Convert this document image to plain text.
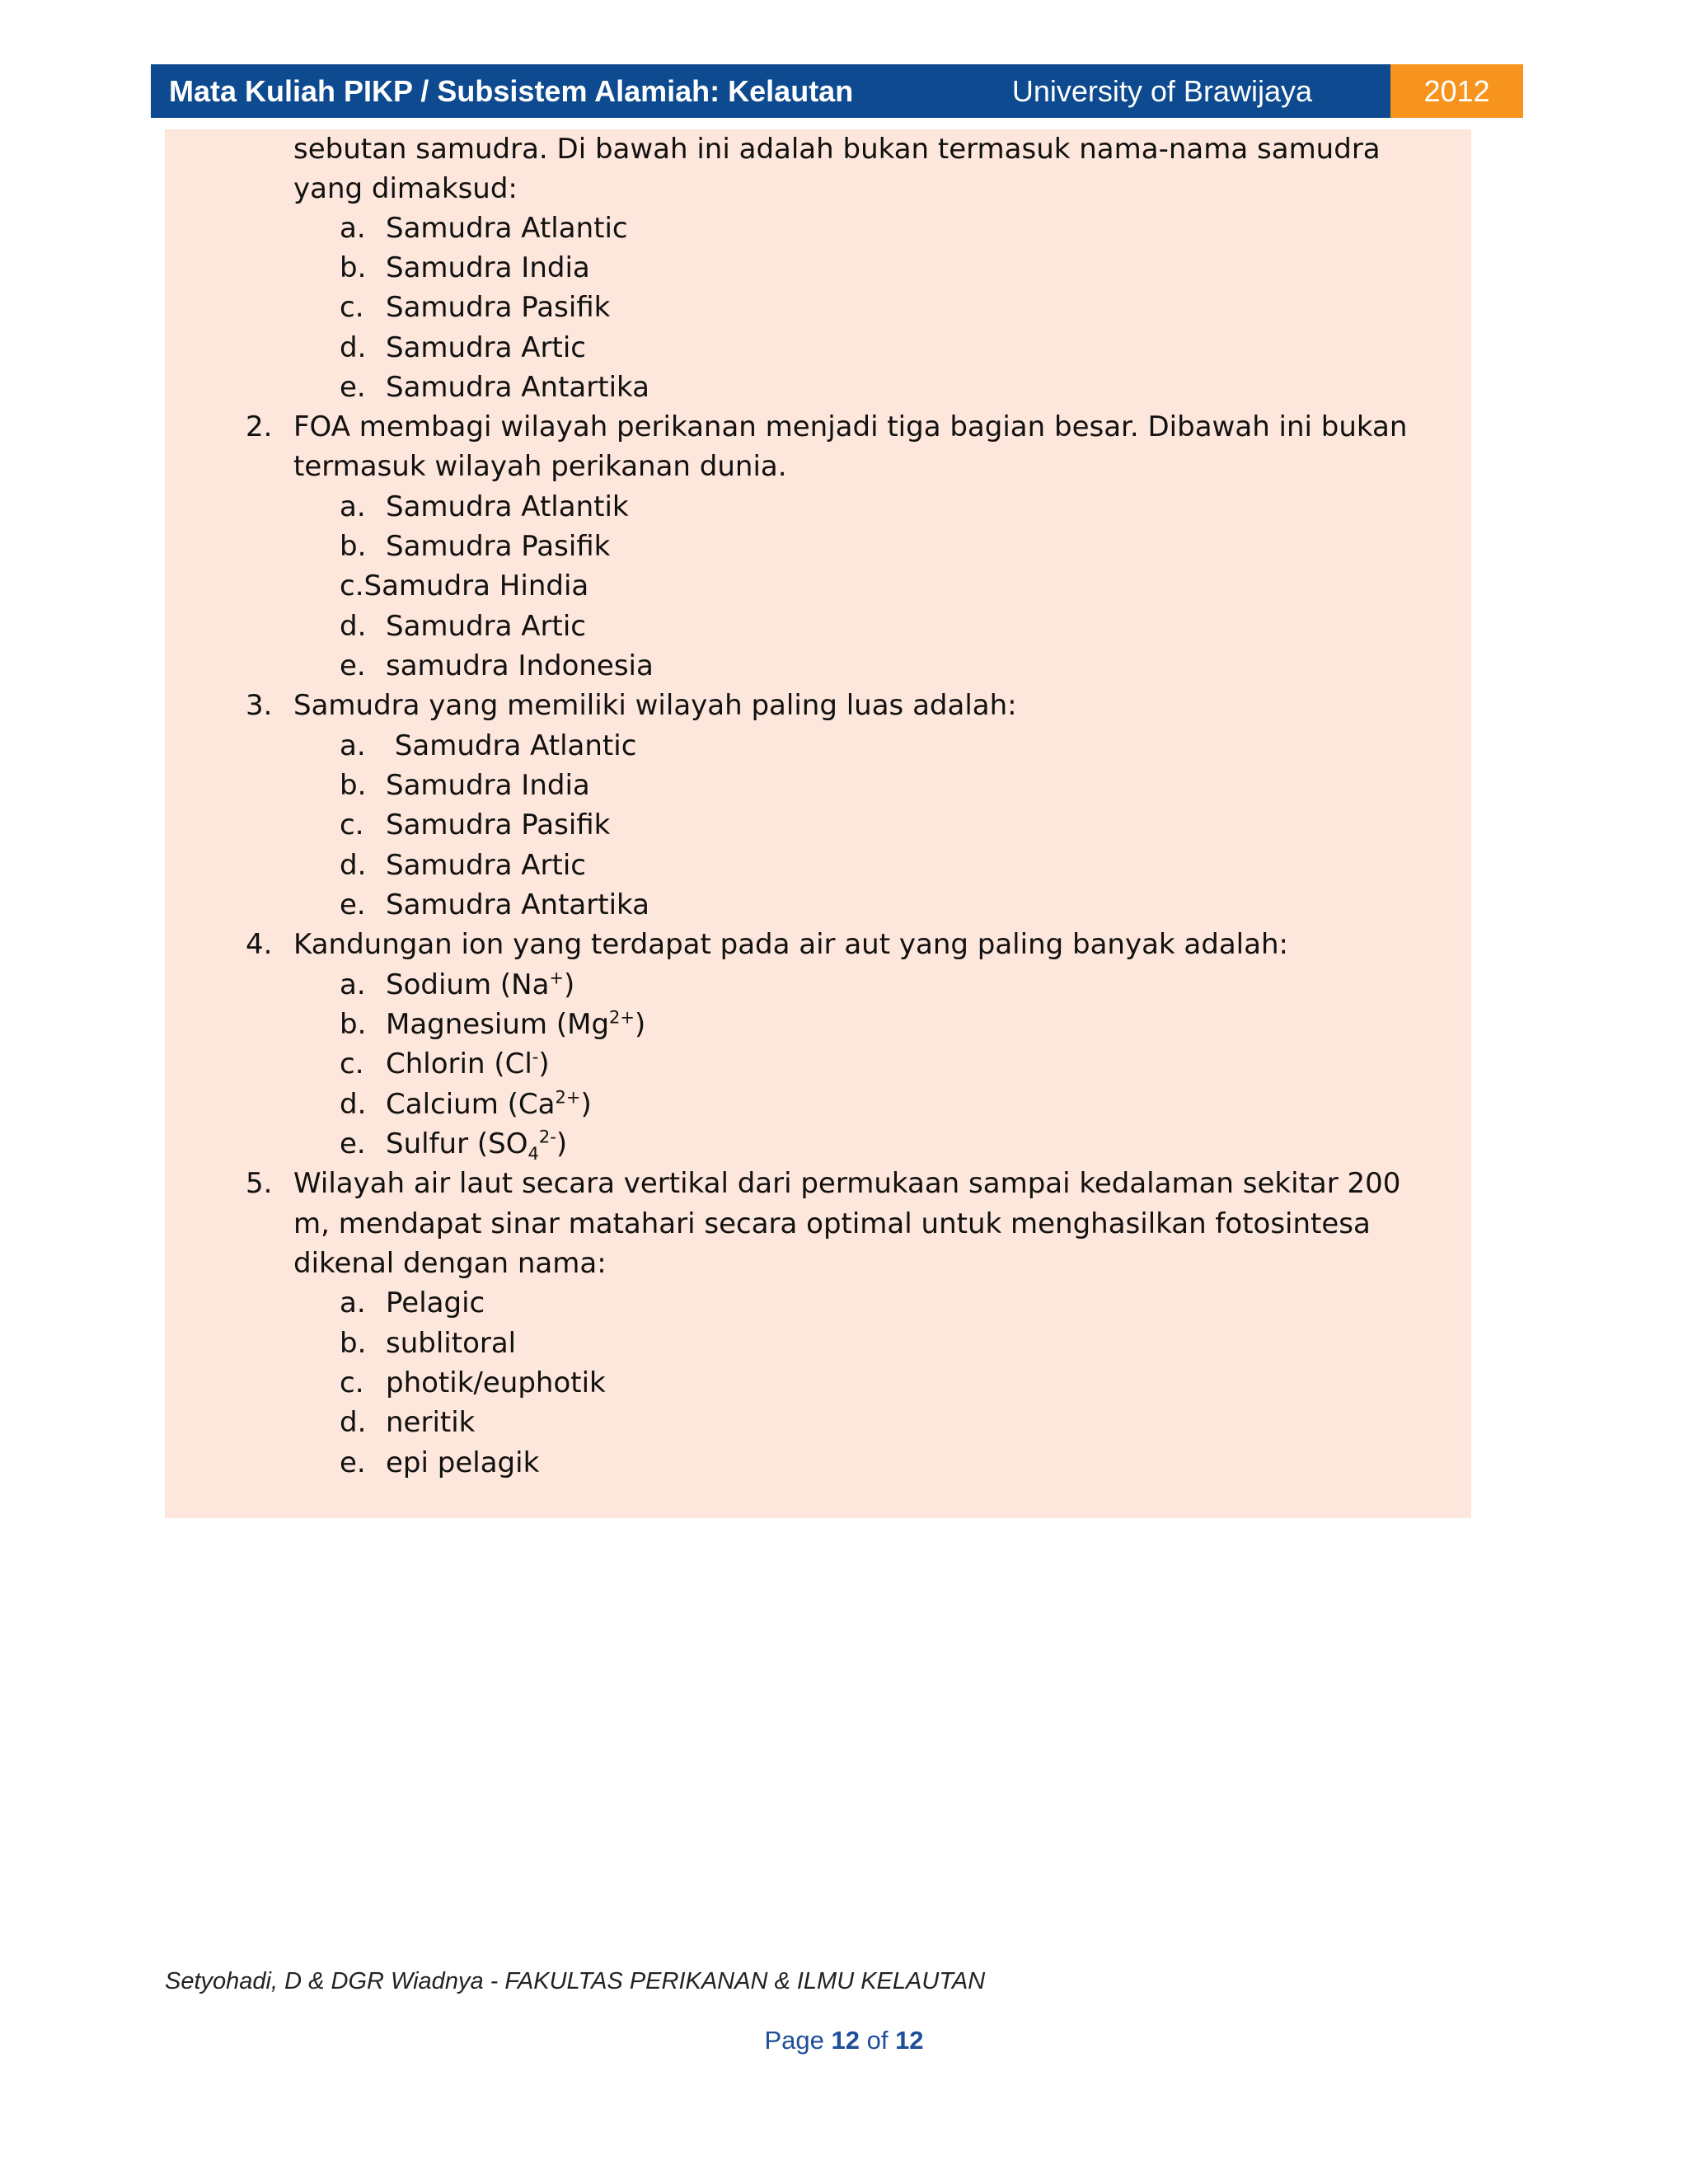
Mata Kuliah PIKP / Subsistem Alamiah: Kelautan	University of Brawijaya	2012
sebutan samudra. Di bawah ini adalah bukan termasuk nama-nama samudra
yang dimaksud:
a. Samudra Atlantic
b. Samudra India
c. Samudra Pasifik
d. Samudra Artic
e. Samudra Antartika
2. FOA membagi wilayah perikanan menjadi tiga bagian besar. Dibawah ini bukan
termasuk wilayah perikanan dunia.
a. Samudra Atlantik
b. Samudra Pasifik
c.Samudra Hindia
d. Samudra Artic
e. samudra Indonesia
3. Samudra yang memiliki wilayah paling luas adalah:
a. Samudra Atlantic
b. Samudra India
c. Samudra Pasifik
d. Samudra Artic
e. Samudra Antartika
4. Kandungan ion yang terdapat pada air aut yang paling banyak adalah:
a. Sodium (Na+)
b. Magnesium $(Mg^{2+})$
c. Chlorin (Cl-)
d. Calcium $(Ca^{2+})$
e. Sulfur $(SO_4^{2-})$
5. Wilayah air laut secara vertikal dari permukaan sampai kedalaman sekitar 200
m, mendapat sinar matahari secara optimal untuk menghasilkan fotosintesa
dikenal dengan nama:
a. Pelagic
b. sublitoral
c. photik/euphotik
d. neritik
e. epi pelagik
Setyohadi, D & DGR Wiadnya - FAKULTAS PERIKANAN & ILMU KELAUTAN
Page 12 of 12
